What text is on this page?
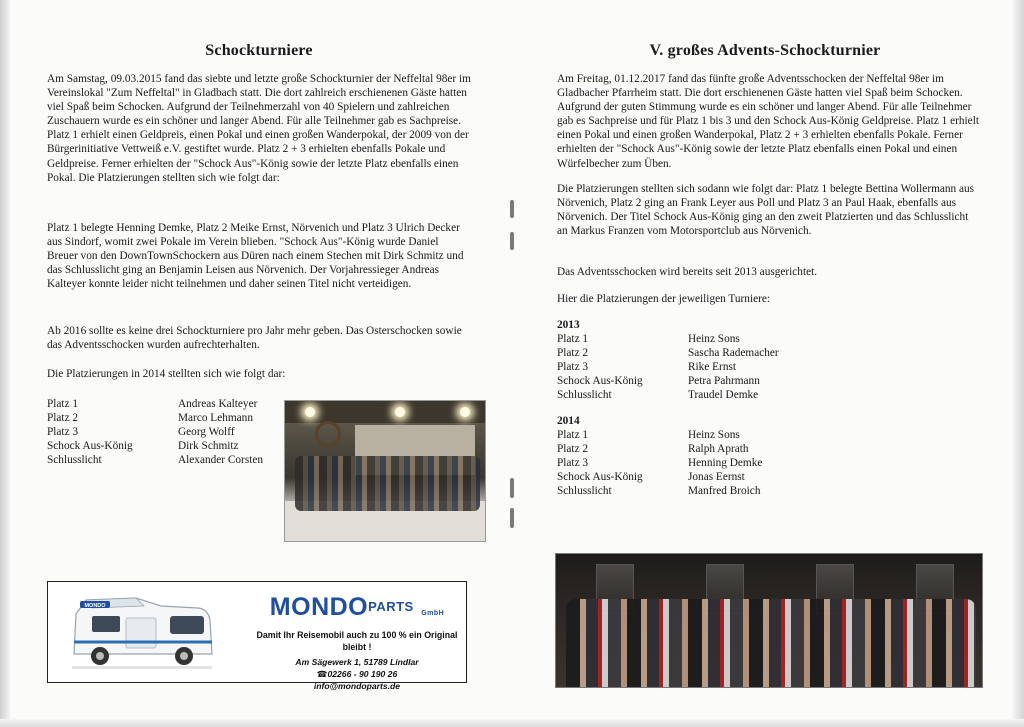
Schockturniere

Am Samstag, 09.03.2015 fand das siebte und letzte große Schockturnier der Neffeltal 98er im Vereinslokal "Zum Neffeltal" in Gladbach statt. Die dort zahlreich erschienenen Gäste hatten viel Spaß beim Schocken. Aufgrund der Teilnehmerzahl von 40 Spielern und zahlreichen Zuschauern wurde es ein schöner und langer Abend. Für alle Teilnehmer gab es Sachpreise. Platz 1 erhielt einen Geldpreis, einen Pokal und einen großen Wanderpokal, der 2009 von der Bürgerinitiative Vettweiß e.V. gestiftet wurde. Platz 2 + 3 erhielten ebenfalls Pokale und Geldpreise. Ferner erhielten der "Schock Aus"-König sowie der letzte Platz ebenfalls einen Pokal. Die Platzierungen stellten sich wie folgt dar:

Platz 1 belegte Henning Demke, Platz 2 Meike Ernst, Nörvenich und Platz 3 Ulrich Decker aus Sindorf, womit zwei Pokale im Verein blieben. "Schock Aus"-König wurde Daniel Breuer von den DownTownSchockern aus Düren nach einem Stechen mit Dirk Schmitz und das Schlusslicht ging an Benjamin Leisen aus Nörvenich. Der Vorjahressieger Andreas Kalteyer konnte leider nicht teilnehmen und daher seinen Titel nicht verteidigen.

Ab 2016 sollte es keine drei Schockturniere pro Jahr mehr geben. Das Osterschocken sowie das Adventsschocken wurden aufrechterhalten.

Die Platzierungen in 2014 stellten sich wie folgt dar:

Platz 1	Andreas Kalteyer
Platz 2	Marco Lehmann
Platz 3	Georg Wolff
Schock Aus-König	Dirk Schmitz
Schlusslicht	Alexander Corsten
MONDO	$MONDO^{PARTS}$ GmbH
Damit Ihr Reisemobil auch zu 100 % ein Original bleibt !
Am Sägewerk 1, 51789 Lindlar
☎02266 - 90 190 26
info@mondoparts.de
V. großes Advents-Schockturnier

Am Freitag, 01.12.2017 fand das fünfte große Adventsschocken der Neffeltal 98er im Gladbacher Pfarrheim statt. Die dort erschienenen Gäste hatten viel Spaß beim Schocken. Aufgrund der guten Stimmung wurde es ein schöner und langer Abend. Für alle Teilnehmer gab es Sachpreise und für Platz 1 bis 3 und den Schock Aus-König Geldpreise. Platz 1 erhielt einen Pokal und einen großen Wanderpokal, Platz 2 + 3 erhielten ebenfalls Pokale. Ferner erhielten der "Schock Aus"-König sowie der letzte Platz ebenfalls einen Pokal und einen Würfelbecher zum Üben.

Die Platzierungen stellten sich sodann wie folgt dar: Platz 1 belegte Bettina Wollermann aus Nörvenich, Platz 2 ging an Frank Leyer aus Poll und Platz 3 an Paul Haak, ebenfalls aus Nörvenich. Der Titel Schock Aus-König ging an den zweit Platzierten und das Schlusslicht an Markus Franzen vom Motorsportclub aus Nörvenich.

Das Adventsschocken wird bereits seit 2013 ausgerichtet.

Hier die Platzierungen der jeweiligen Turniere:

2013
Platz 1	Heinz Sons
Platz 2	Sascha Rademacher
Platz 3	Rike Ernst
Schock Aus-König	Petra Pahrmann
Schlusslicht	Traudel Demke
2014
Platz 1	Heinz Sons
Platz 2	Ralph Aprath
Platz 3	Henning Demke
Schock Aus-König	Jonas Eernst
Schlusslicht	Manfred Broich
